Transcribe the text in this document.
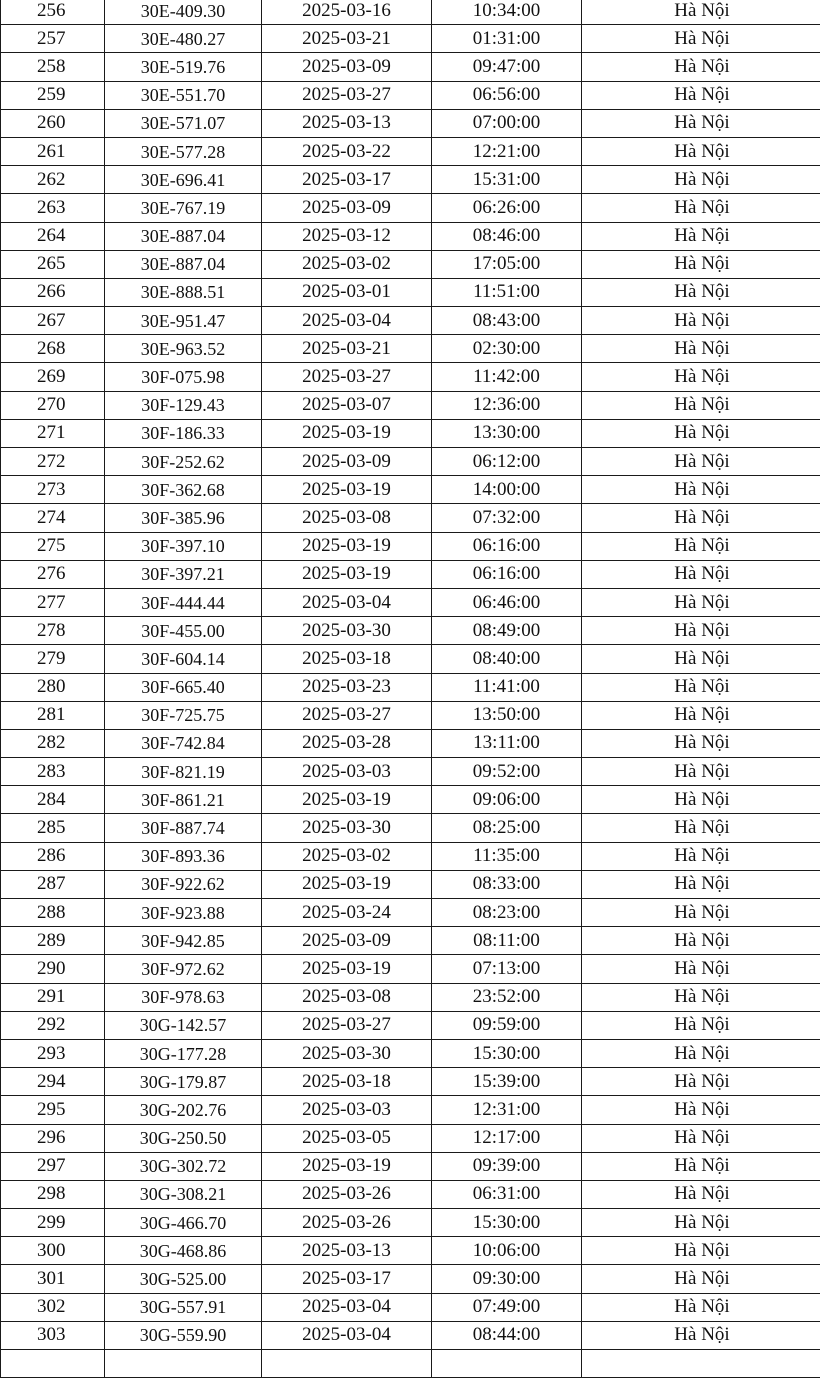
256	30E-409.30	2025-03-16	10:34:00	Hà Nội
257	30E-480.27	2025-03-21	01:31:00	Hà Nội
258	30E-519.76	2025-03-09	09:47:00	Hà Nội
259	30E-551.70	2025-03-27	06:56:00	Hà Nội
260	30E-571.07	2025-03-13	07:00:00	Hà Nội
261	30E-577.28	2025-03-22	12:21:00	Hà Nội
262	30E-696.41	2025-03-17	15:31:00	Hà Nội
263	30E-767.19	2025-03-09	06:26:00	Hà Nội
264	30E-887.04	2025-03-12	08:46:00	Hà Nội
265	30E-887.04	2025-03-02	17:05:00	Hà Nội
266	30E-888.51	2025-03-01	11:51:00	Hà Nội
267	30E-951.47	2025-03-04	08:43:00	Hà Nội
268	30E-963.52	2025-03-21	02:30:00	Hà Nội
269	30F-075.98	2025-03-27	11:42:00	Hà Nội
270	30F-129.43	2025-03-07	12:36:00	Hà Nội
271	30F-186.33	2025-03-19	13:30:00	Hà Nội
272	30F-252.62	2025-03-09	06:12:00	Hà Nội
273	30F-362.68	2025-03-19	14:00:00	Hà Nội
274	30F-385.96	2025-03-08	07:32:00	Hà Nội
275	30F-397.10	2025-03-19	06:16:00	Hà Nội
276	30F-397.21	2025-03-19	06:16:00	Hà Nội
277	30F-444.44	2025-03-04	06:46:00	Hà Nội
278	30F-455.00	2025-03-30	08:49:00	Hà Nội
279	30F-604.14	2025-03-18	08:40:00	Hà Nội
280	30F-665.40	2025-03-23	11:41:00	Hà Nội
281	30F-725.75	2025-03-27	13:50:00	Hà Nội
282	30F-742.84	2025-03-28	13:11:00	Hà Nội
283	30F-821.19	2025-03-03	09:52:00	Hà Nội
284	30F-861.21	2025-03-19	09:06:00	Hà Nội
285	30F-887.74	2025-03-30	08:25:00	Hà Nội
286	30F-893.36	2025-03-02	11:35:00	Hà Nội
287	30F-922.62	2025-03-19	08:33:00	Hà Nội
288	30F-923.88	2025-03-24	08:23:00	Hà Nội
289	30F-942.85	2025-03-09	08:11:00	Hà Nội
290	30F-972.62	2025-03-19	07:13:00	Hà Nội
291	30F-978.63	2025-03-08	23:52:00	Hà Nội
292	30G-142.57	2025-03-27	09:59:00	Hà Nội
293	30G-177.28	2025-03-30	15:30:00	Hà Nội
294	30G-179.87	2025-03-18	15:39:00	Hà Nội
295	30G-202.76	2025-03-03	12:31:00	Hà Nội
296	30G-250.50	2025-03-05	12:17:00	Hà Nội
297	30G-302.72	2025-03-19	09:39:00	Hà Nội
298	30G-308.21	2025-03-26	06:31:00	Hà Nội
299	30G-466.70	2025-03-26	15:30:00	Hà Nội
300	30G-468.86	2025-03-13	10:06:00	Hà Nội
301	30G-525.00	2025-03-17	09:30:00	Hà Nội
302	30G-557.91	2025-03-04	07:49:00	Hà Nội
303	30G-559.90	2025-03-04	08:44:00	Hà Nội
